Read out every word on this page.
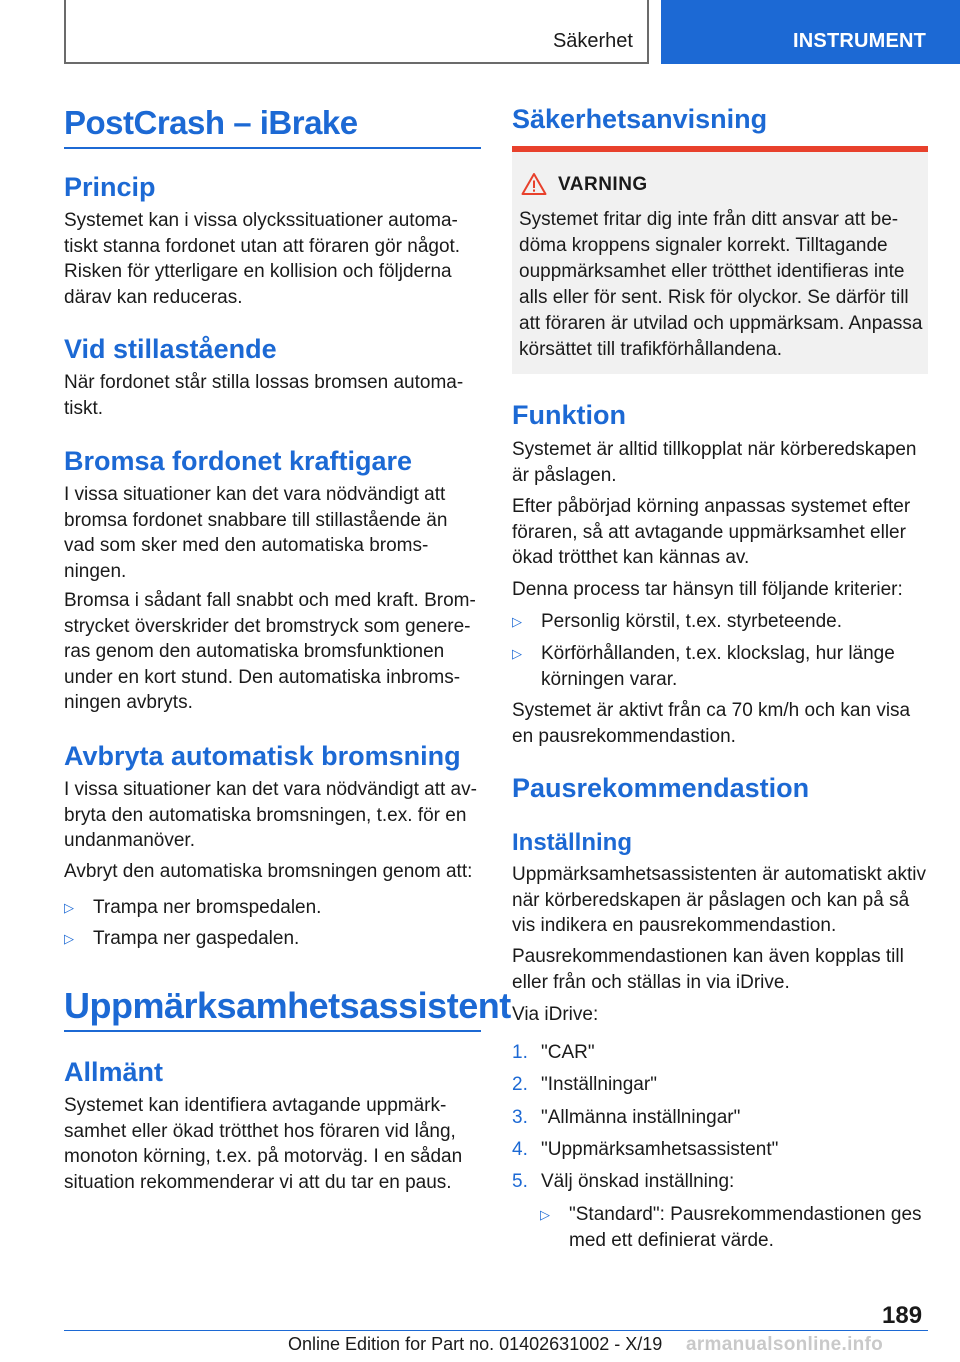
Säkerhet	INSTRUMENT
PostCrash – iBrake
Princip
Systemet kan i vissa olyckssituationer automa-
tiskt stanna fordonet utan att föraren gör något.
Risken för ytterligare en kollision och följderna
därav kan reduceras.
Vid stillastående
När fordonet står stilla lossas bromsen automa-
tiskt.
Bromsa fordonet kraftigare
I vissa situationer kan det vara nödvändigt att
bromsa fordonet snabbare till stillastående än
vad som sker med den automatiska broms-
ningen.
Bromsa i sådant fall snabbt och med kraft. Brom-
strycket överskrider det bromstryck som genere-
ras genom den automatiska bromsfunktionen
under en kort stund. Den automatiska inbroms-
ningen avbryts.
Avbryta automatisk bromsning
I vissa situationer kan det vara nödvändigt att av-
bryta den automatiska bromsningen, t.ex. för en
undanmanöver.
Avbryt den automatiska bromsningen genom att:
▷ Trampa ner bromspedalen.
▷ Trampa ner gaspedalen.
Uppmärksamhetsassistent
Allmänt
Systemet kan identifiera avtagande uppmärk-
samhet eller ökad trötthet hos föraren vid lång,
monoton körning, t.ex. på motorväg. I en sådan
situation rekommenderar vi att du tar en paus.
Säkerhetsanvisning
VARNING
Systemet fritar dig inte från ditt ansvar att be-
döma kroppens signaler korrekt. Tilltagande
ouppmärksamhet eller trötthet identifieras inte
alls eller för sent. Risk för olyckor. Se därför till
att föraren är utvilad och uppmärksam. Anpassa
körsättet till trafikförhållandena.
Funktion
Systemet är alltid tillkopplat när körberedskapen
är påslagen.
Efter påbörjad körning anpassas systemet efter
föraren, så att avtagande uppmärksamhet eller
ökad trötthet kan kännas av.
Denna process tar hänsyn till följande kriterier:
▷ Personlig körstil, t.ex. styrbeteende.
▷ Körförhållanden, t.ex. klockslag, hur länge
körningen varar.
Systemet är aktivt från ca 70 km/h och kan visa
en pausrekommendastion.
Pausrekommendastion
Inställning
Uppmärksamhetsassistenten är automatiskt aktiv
när körberedskapen är påslagen och kan på så
vis indikera en pausrekommendastion.
Pausrekommendastionen kan även kopplas till
eller från och ställas in via iDrive.
Via iDrive:
1. "CAR"
2. "Inställningar"
3. "Allmänna inställningar"
4. "Uppmärksamhetsassistent"
5. Välj önskad inställning:
▷ "Standard": Pausrekommendastionen ges
med ett definierat värde.
189
Online Edition for Part no. 01402631002 - X/19 armanualsonline.info
